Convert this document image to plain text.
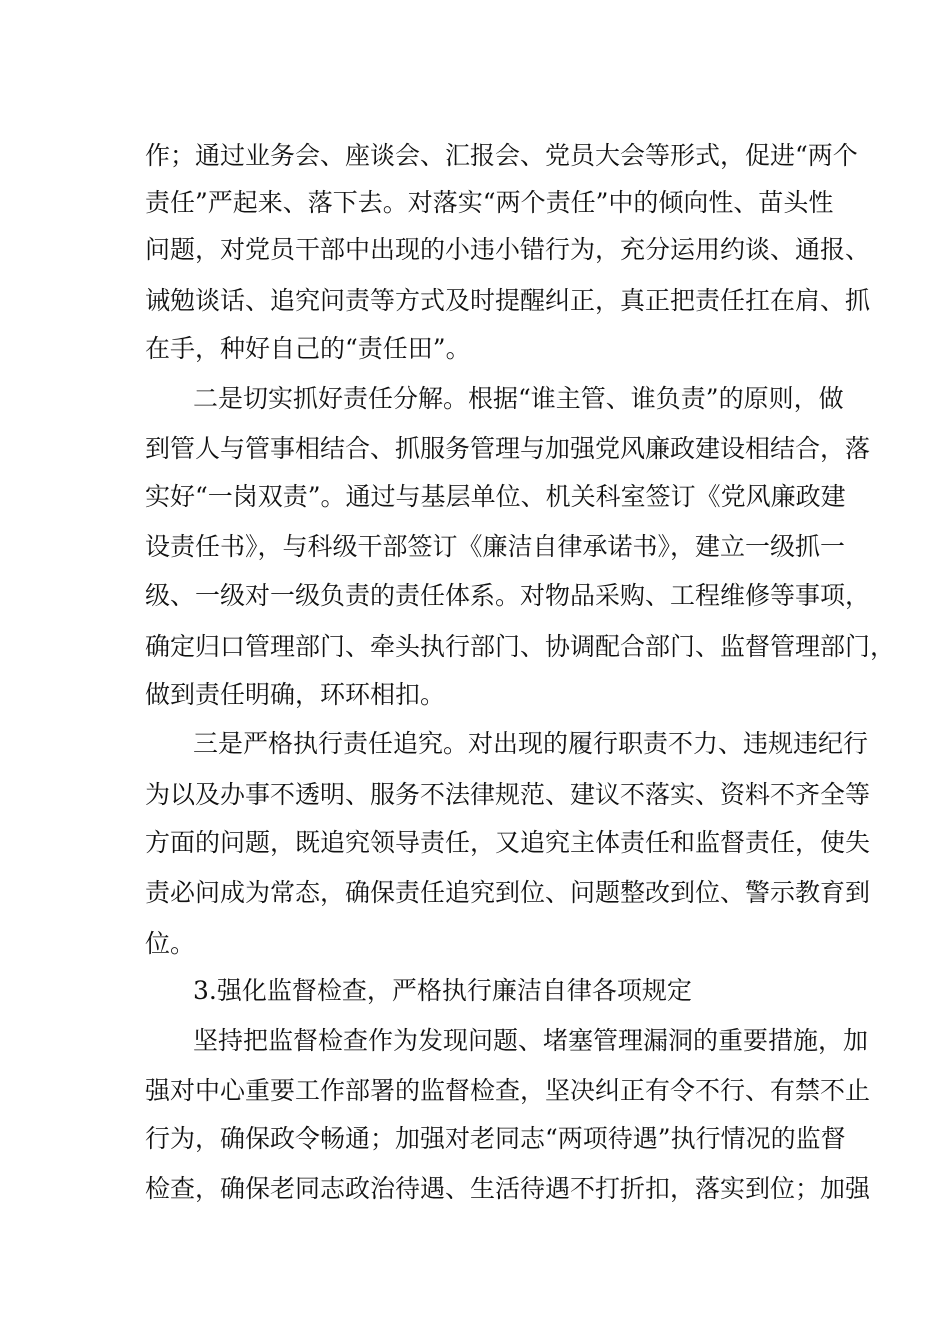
作；通过业务会、座谈会、汇报会、党员大会等形式，促进“两个
责任”严起来、落下去。对落实“两个责任”中的倾向性、苗头性
问题，对党员干部中出现的小违小错行为，充分运用约谈、通报、
诫勉谈话、追究问责等方式及时提醒纠正，真正把责任扛在肩、抓
在手，种好自己的“责任田”。
二是切实抓好责任分解。根据“谁主管、谁负责”的原则，做
到管人与管事相结合、抓服务管理与加强党风廉政建设相结合，落
实好“一岗双责”。通过与基层单位、机关科室签订《党风廉政建
设责任书》，与科级干部签订《廉洁自律承诺书》，建立一级抓一
级、一级对一级负责的责任体系。对物品采购、工程维修等事项，
确定归口管理部门、牵头执行部门、协调配合部门、监督管理部门，
做到责任明确，环环相扣。
三是严格执行责任追究。对出现的履行职责不力、违规违纪行
为以及办事不透明、服务不法律规范、建议不落实、资料不齐全等
方面的问题，既追究领导责任，又追究主体责任和监督责任，使失
责必问成为常态，确保责任追究到位、问题整改到位、警示教育到
位。
3.强化监督检查，严格执行廉洁自律各项规定
坚持把监督检查作为发现问题、堵塞管理漏洞的重要措施，加
强对中心重要工作部署的监督检查，坚决纠正有令不行、有禁不止
行为，确保政令畅通；加强对老同志“两项待遇”执行情况的监督
检查，确保老同志政治待遇、生活待遇不打折扣，落实到位；加强
